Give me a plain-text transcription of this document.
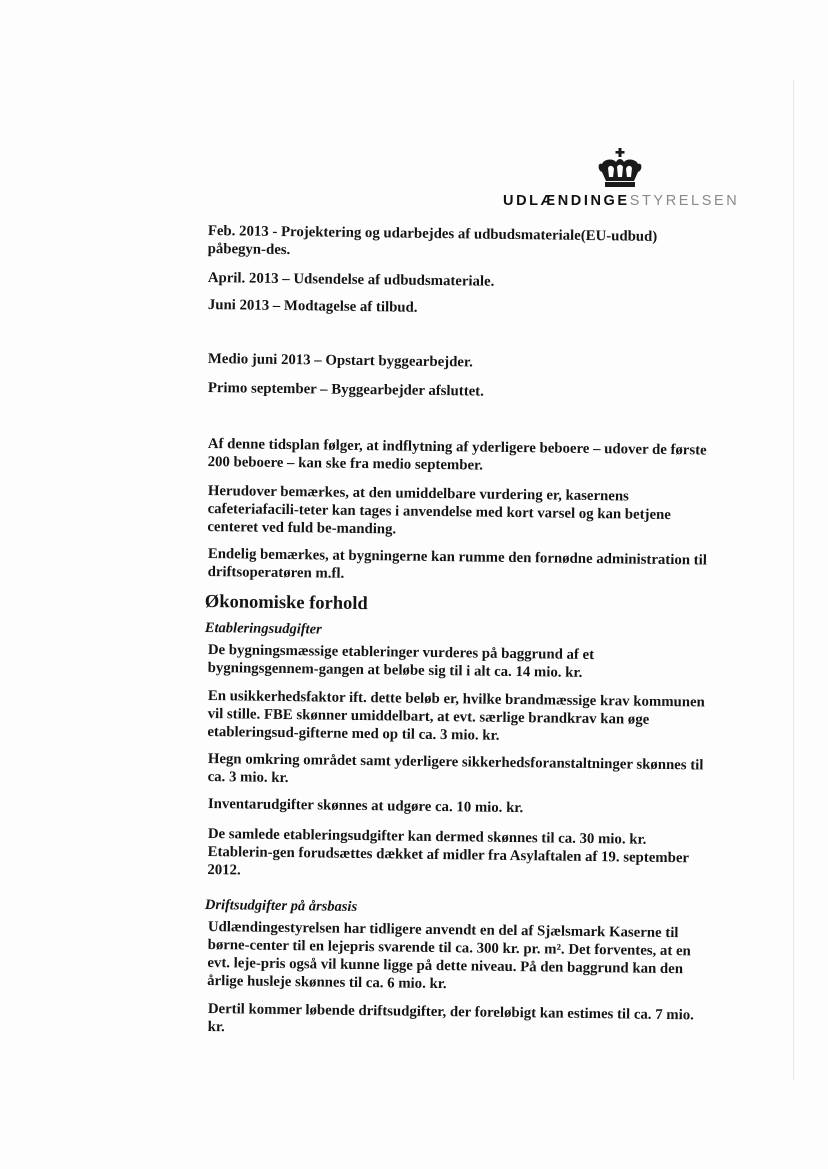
UDLÆNDINGESTYRELSEN

Feb. 2013 - Projektering og udarbejdes af udbudsmateriale(EU-udbud) påbegyn-des.

April. 2013 – Udsendelse af udbudsmateriale.

Juni 2013 – Modtagelse af tilbud.

Medio juni 2013 – Opstart byggearbejder.

Primo september – Byggearbejder afsluttet.

Af denne tidsplan følger, at indflytning af yderligere beboere – udover de første 200 beboere – kan ske fra medio september.

Herudover bemærkes, at den umiddelbare vurdering er, kasernens cafeteriafacili-teter kan tages i anvendelse med kort varsel og kan betjene centeret ved fuld be-manding.

Endelig bemærkes, at bygningerne kan rumme den fornødne administration til driftsoperatøren m.fl.

Økonomiske forhold
Etableringsudgifter

De bygningsmæssige etableringer vurderes på baggrund af et bygningsgennem-gangen at beløbe sig til i alt ca. 14 mio. kr.

En usikkerhedsfaktor ift. dette beløb er, hvilke brandmæssige krav kommunen vil stille. FBE skønner umiddelbart, at evt. særlige brandkrav kan øge etableringsud-gifterne med op til ca. 3 mio. kr.

Hegn omkring området samt yderligere sikkerhedsforanstaltninger skønnes til ca. 3 mio. kr.

Inventarudgifter skønnes at udgøre ca. 10 mio. kr.

De samlede etableringsudgifter kan dermed skønnes til ca. 30 mio. kr. Etablerin-gen forudsættes dækket af midler fra Asylaftalen af 19. september 2012.

Driftsudgifter på årsbasis

Udlændingestyrelsen har tidligere anvendt en del af Sjælsmark Kaserne til børne-center til en lejepris svarende til ca. 300 kr. pr. m². Det forventes, at en evt. leje-pris også vil kunne ligge på dette niveau. På den baggrund kan den årlige husleje skønnes til ca. 6 mio. kr.

Dertil kommer løbende driftsudgifter, der foreløbigt kan estimes til ca. 7 mio. kr.
